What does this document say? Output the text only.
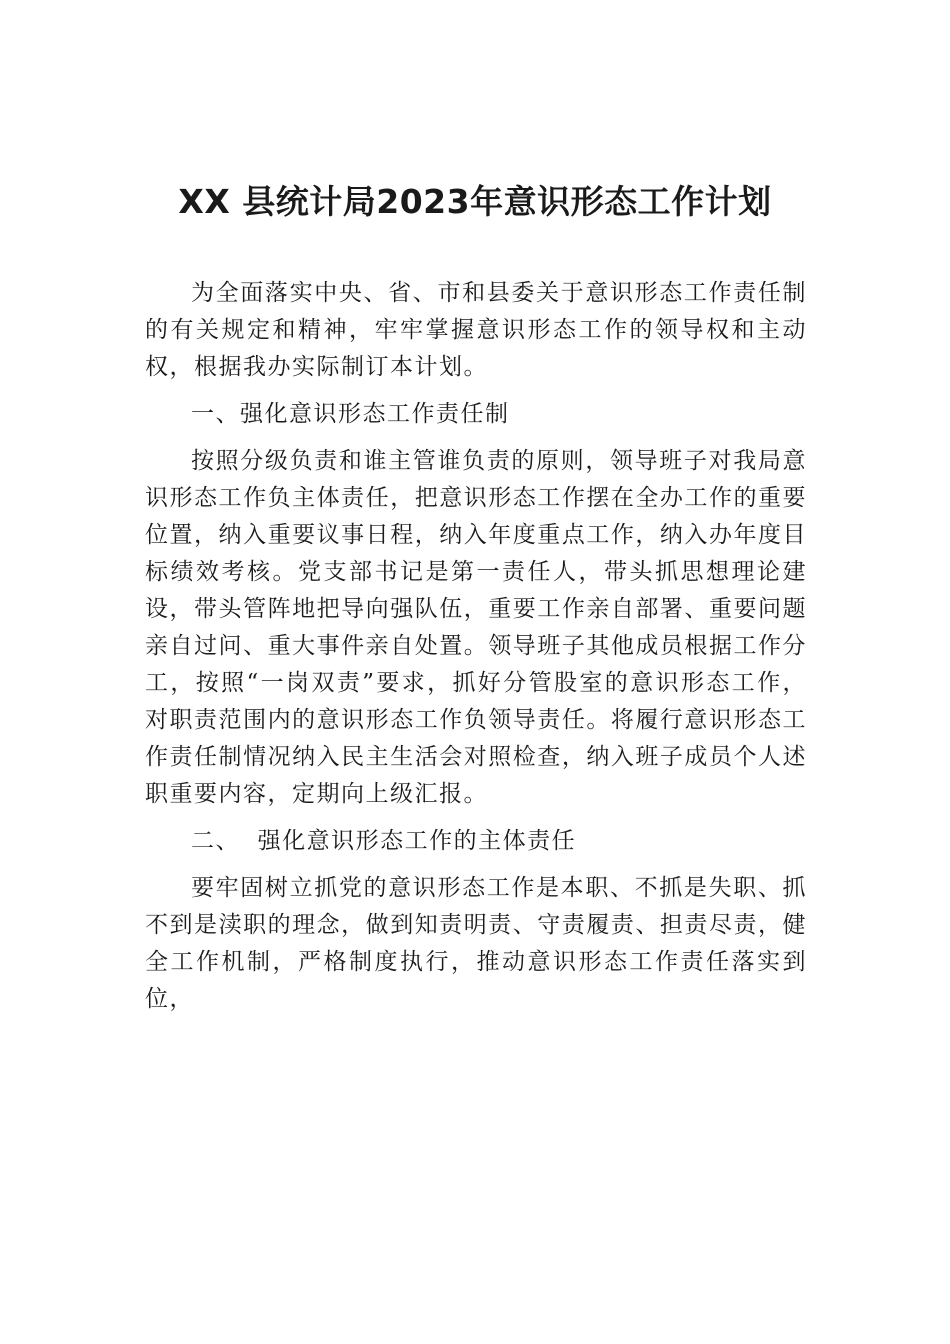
XX 县统计局2023年意识形态工作计划

为全面落实中央、省、市和县委关于意识形态工作责任制的有关规定和精神，牢牢掌握意识形态工作的领导权和主动权，根据我办实际制订本计划。

一、强化意识形态工作责任制

按照分级负责和谁主管谁负责的原则，领导班子对我局意识形态工作负主体责任，把意识形态工作摆在全办工作的重要位置，纳入重要议事日程，纳入年度重点工作，纳入办年度目标绩效考核。党支部书记是第一责任人，带头抓思想理论建设，带头管阵地把导向强队伍，重要工作亲自部署、重要问题亲自过问、重大事件亲自处置。领导班子其他成员根据工作分工，按照“一岗双责”要求，抓好分管股室的意识形态工作，对职责范围内的意识形态工作负领导责任。将履行意识形态工作责任制情况纳入民主生活会对照检查，纳入班子成员个人述职重要内容，定期向上级汇报。

二、  强化意识形态工作的主体责任

要牢固树立抓党的意识形态工作是本职、不抓是失职、抓不到是渎职的理念，做到知责明责、守责履责、担责尽责，健全工作机制，严格制度执行，推动意识形态工作责任落实到位，
